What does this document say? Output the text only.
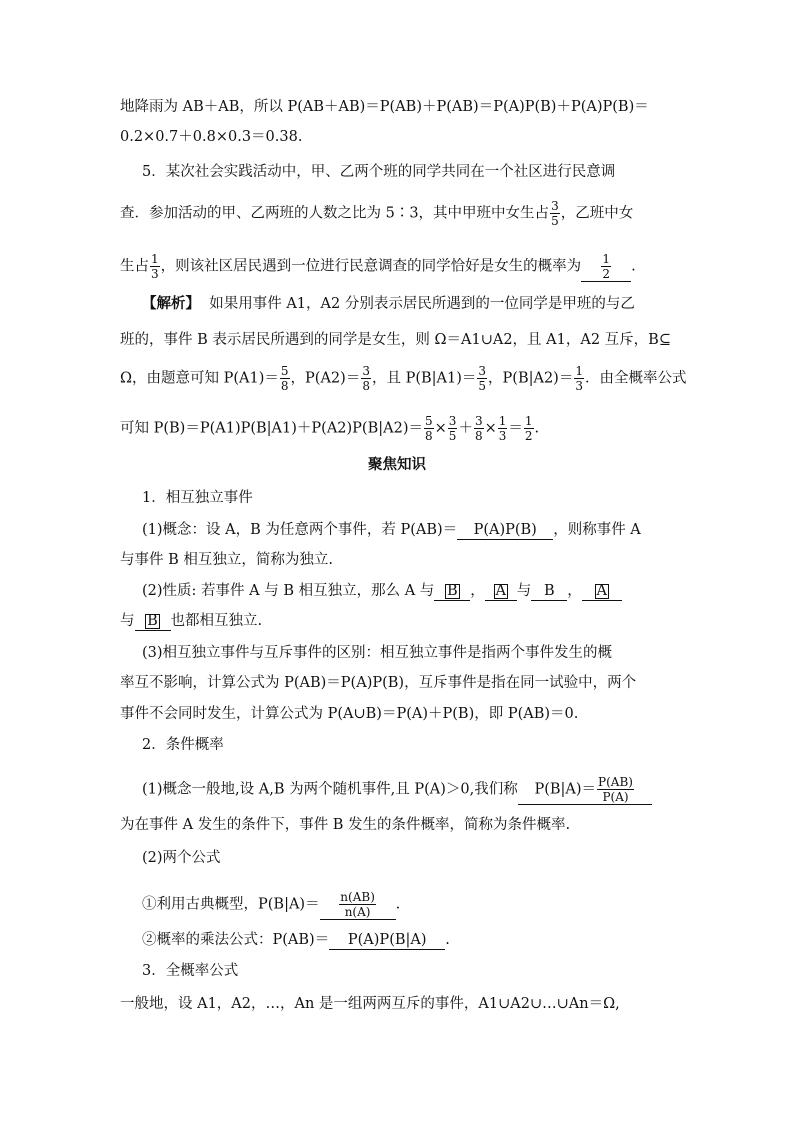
地降雨为 AB＋AB，所以 P(AB＋AB)＝P(AB)＋P(AB)＝P(A)P(B)＋P(A)P(B)＝
0.2×0.7＋0.8×0.3＝0.38.
5．某次社会实践活动中，甲、乙两个班的同学共同在一个社区进行民意调
查．参加活动的甲、乙两班的人数之比为 5∶3，其中甲班中女生占 $\frac{3}{5}$ ，乙班中女
生占 $\frac{1}{3}$ ，则该社区居民遇到一位进行民意调查的同学恰好是女生的概率为 $\frac{1}{2}$ .
【解析】 如果用事件 A1，A2 分别表示居民所遇到的一位同学是甲班的与乙
班的，事件 B 表示居民所遇到的同学是女生，则 Ω＝A1∪A2，且 A1，A2 互斥，B⊆
Ω，由题意可知 $P(A1)= \frac{5}{8}$ ，$P(A2)= \frac{3}{8}$ ，且 $P(B|A1)= \frac{3}{5}$ ，$P(B|A2)= \frac{1}{3}$ ．由全概率公式
可知 $P(B)=P(A1)P(B|A1)+P(A2)P(B|A2)= \frac{5}{8} \times \frac{3}{5} + \frac{3}{8} \times \frac{1}{3} = \frac{1}{2}$ .
聚焦知识
1．相互独立事件
(1)概念：设 A，B 为任意两个事件，若 P(AB)＝ P(A)P(B) ，则称事件 A
与事件 B 相互独立，简称为独立.
(2)性质: 若事件 A 与 B 相互独立，那么 A 与 B ， A 与 B ， A
与 B 也都相互独立.
(3)相互独立事件与互斥事件的区别：相互独立事件是指两个事件发生的概
率互不影响，计算公式为 P(AB)＝P(A)P(B)，互斥事件是指在同一试验中，两个
事件不会同时发生，计算公式为 P(A∪B)＝P(A)＋P(B)，即 P(AB)＝0.
2．条件概率
(1)概念一般地,设 A,B 为两个随机事件,且 P(A)＞0,我们称 $P(B|A)= \frac{P(AB)}{P(A)}$
为在事件 A 发生的条件下，事件 B 发生的条件概率，简称为条件概率.
(2)两个公式
①利用古典概型，$P(B|A)= \frac{n(AB)}{n(A)}$ .
②概率的乘法公式：P(AB)＝ P(A)P(B|A) .
3．全概率公式
一般地，设 A1，A2，…，An 是一组两两互斥的事件，A1∪A2∪…∪An＝Ω,
